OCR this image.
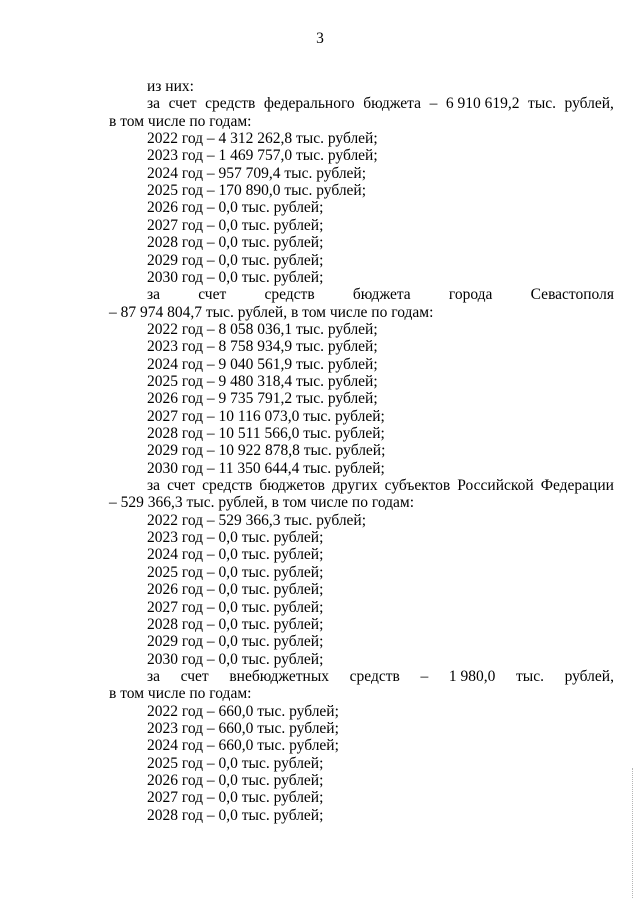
3
из них:
за счет средств федерального бюджета – 6 910 619,2 тыс. рублей,
в том числе по годам:
2022 год – 4 312 262,8 тыс. рублей;
2023 год – 1 469 757,0 тыс. рублей;
2024 год – 957 709,4 тыс. рублей;
2025 год – 170 890,0 тыс. рублей;
2026 год – 0,0 тыс. рублей;
2027 год – 0,0 тыс. рублей;
2028 год – 0,0 тыс. рублей;
2029 год – 0,0 тыс. рублей;
2030 год – 0,0 тыс. рублей;
за счет средств бюджета города Севастополя
– 87 974 804,7 тыс. рублей, в том числе по годам:
2022 год – 8 058 036,1 тыс. рублей;
2023 год – 8 758 934,9 тыс. рублей;
2024 год – 9 040 561,9 тыс. рублей;
2025 год – 9 480 318,4 тыс. рублей;
2026 год – 9 735 791,2 тыс. рублей;
2027 год – 10 116 073,0 тыс. рублей;
2028 год – 10 511 566,0 тыс. рублей;
2029 год – 10 922 878,8 тыс. рублей;
2030 год – 11 350 644,4 тыс. рублей;
за счет средств бюджетов других субъектов Российской Федерации
– 529 366,3 тыс. рублей, в том числе по годам:
2022 год – 529 366,3 тыс. рублей;
2023 год – 0,0 тыс. рублей;
2024 год – 0,0 тыс. рублей;
2025 год – 0,0 тыс. рублей;
2026 год – 0,0 тыс. рублей;
2027 год – 0,0 тыс. рублей;
2028 год – 0,0 тыс. рублей;
2029 год – 0,0 тыс. рублей;
2030 год – 0,0 тыс. рублей;
за счет внебюджетных средств – 1 980,0 тыс. рублей,
в том числе по годам:
2022 год – 660,0 тыс. рублей;
2023 год – 660,0 тыс. рублей;
2024 год – 660,0 тыс. рублей;
2025 год – 0,0 тыс. рублей;
2026 год – 0,0 тыс. рублей;
2027 год – 0,0 тыс. рублей;
2028 год – 0,0 тыс. рублей;
